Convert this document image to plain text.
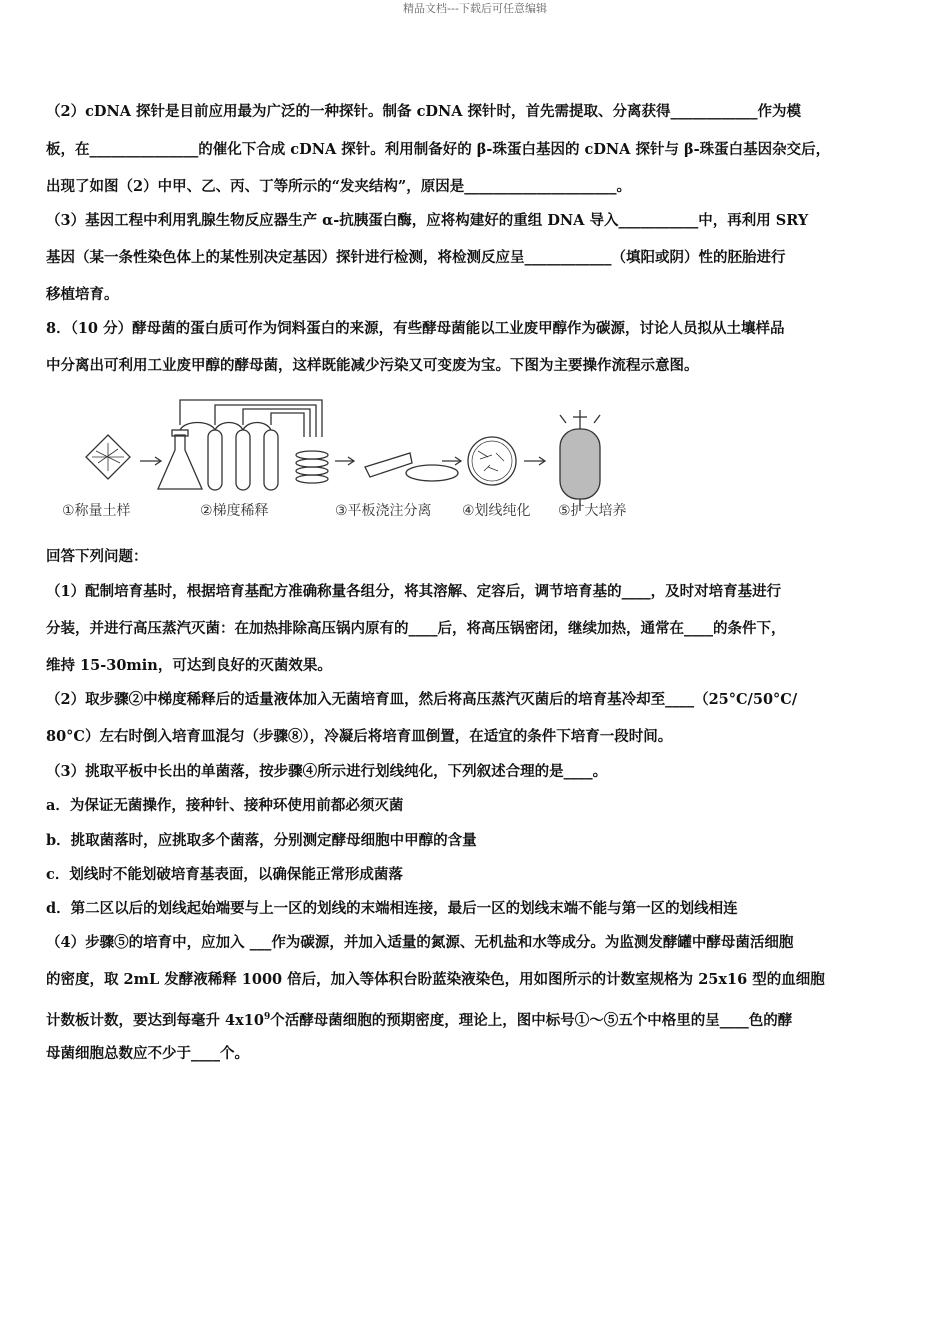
精品文档---下载后可任意编辑
（2）cDNA 探针是目前应用最为广泛的一种探针。制备 cDNA 探针时，首先需提取、分离获得____________作为模
板，在_______________的催化下合成 cDNA 探针。利用制备好的 β-珠蛋白基因的 cDNA 探针与 β-珠蛋白基因杂交后，
出现了如图（2）中甲、乙、丙、丁等所示的“发夹结构”，原因是_____________________。
（3）基因工程中利用乳腺生物反应器生产 α-抗胰蛋白酶，应将构建好的重组 DNA 导入___________中，再利用 SRY
基因（某一条性染色体上的某性别决定基因）探针进行检测，将检测反应呈____________（填阳或阴）性的胚胎进行
移植培育。
8．（10 分）酵母菌的蛋白质可作为饲料蛋白的来源，有些酵母菌能以工业废甲醇作为碳源，讨论人员拟从土壤样品
中分离出可利用工业废甲醇的酵母菌，这样既能减少污染又可变废为宝。下图为主要操作流程示意图。
①称量土样	②梯度稀释	③平板浇注分离 ④划线纯化 ⑤扩大培养
回答下列问题：
（1）配制培育基时，根据培育基配方准确称量各组分，将其溶解、定容后，调节培育基的____，及时对培育基进行
分装，并进行高压蒸汽灭菌：在加热排除高压锅内原有的____后，将高压锅密闭，继续加热，通常在____的条件下，
维持 15-30min，可达到良好的灭菌效果。
（2）取步骤②中梯度稀释后的适量液体加入无菌培育皿，然后将高压蒸汽灭菌后的培育基冷却至____（25°C/50°C/
80°C）左右时倒入培育皿混匀（步骤⑧），冷凝后将培育皿倒置，在适宜的条件下培育一段时间。
（3）挑取平板中长出的单菌落，按步骤④所示进行划线纯化，下列叙述合理的是____。
a．为保证无菌操作，接种针、接种环使用前都必须灭菌
b．挑取菌落时，应挑取多个菌落，分别测定酵母细胞中甲醇的含量
c．划线时不能划破培育基表面，以确保能正常形成菌落
d．第二区以后的划线起始端要与上一区的划线的末端相连接，最后一区的划线末端不能与第一区的划线相连
（4）步骤⑤的培育中，应加入 ___作为碳源，并加入适量的氮源、无机盐和水等成分。为监测发酵罐中酵母菌活细胞
的密度，取 2mL 发酵液稀释 1000 倍后，加入等体积台盼蓝染液染色，用如图所示的计数室规格为 25x16 型的血细胞
计数板计数，要达到每毫升 $4x10^9$个活酵母菌细胞的预期密度，理论上，图中标号①～⑤五个中格里的呈____色的酵
母菌细胞总数应不少于____个。
